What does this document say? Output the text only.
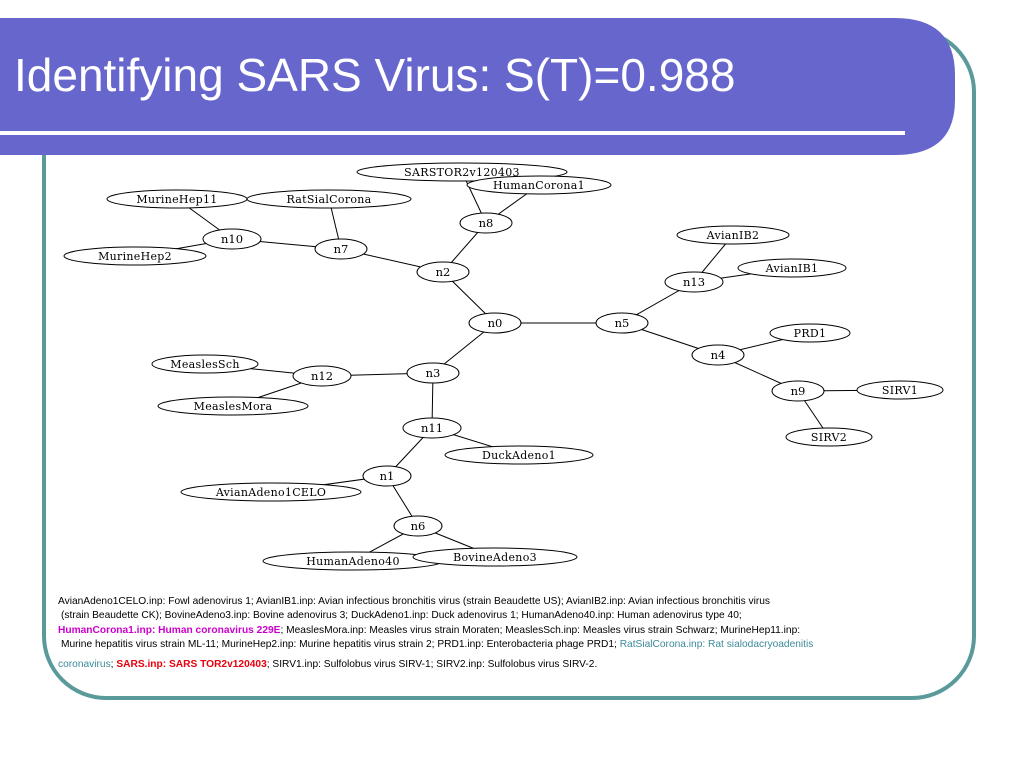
Identifying SARS Virus: S(T)=0.988
n0
n1
n2
n3
n4
n5
n6
n7
n8
n9
n10
n11
n12
n13
SARSTOR2v120403
HumanCorona1
MurineHep11	RatSialCorona
MurineHep2
AvianIB2
AvianIB1
PRD1
SIRV1
SIRV2
MeaslesSch
MeaslesMora
DuckAdeno1
AvianAdeno1CELO
HumanAdeno40	BovineAdeno3
AvianAdeno1CELO.inp: Fowl adenovirus 1; AvianIB1.inp: Avian infectious bronchitis virus (strain Beaudette US); AvianIB2.inp: Avian infectious bronchitis virus
(strain Beaudette CK); BovineAdeno3.inp: Bovine adenovirus 3; DuckAdeno1.inp: Duck adenovirus 1; HumanAdeno40.inp: Human adenovirus type 40;
HumanCorona1.inp: Human coronavirus 229E; MeaslesMora.inp: Measles virus strain Moraten; MeaslesSch.inp: Measles virus strain Schwarz; MurineHep11.inp:
Murine hepatitis virus strain ML-11; MurineHep2.inp: Murine hepatitis virus strain 2; PRD1.inp: Enterobacteria phage PRD1; RatSialCorona.inp: Rat sialodacryoadenitis
coronavirus; SARS.inp: SARS TOR2v120403; SIRV1.inp: Sulfolobus virus SIRV-1; SIRV2.inp: Sulfolobus virus SIRV-2.
